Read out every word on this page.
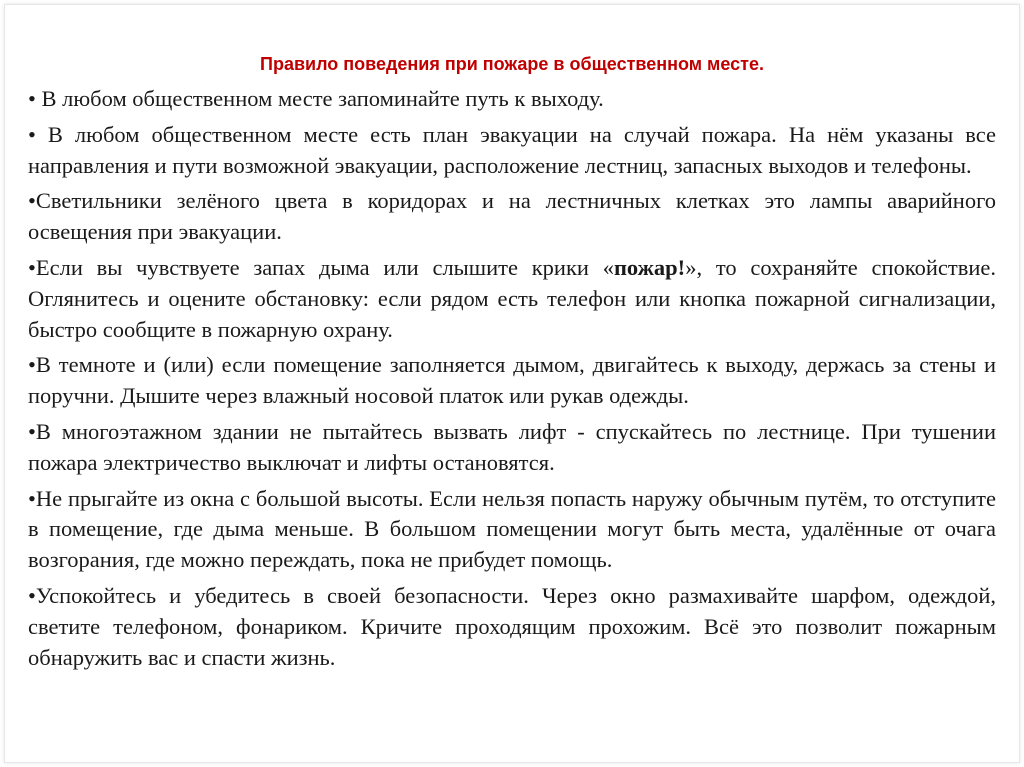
Правило поведения при пожаре в общественном месте.

• В любом общественном месте запоминайте путь к выходу.

• В любом общественном месте есть план эвакуации на случай пожара. На нём указаны все направления и пути возможной эвакуации, расположение лестниц, запасных выходов и телефоны.

•Светильники зелёного цвета в коридорах и на лестничных клетках это лампы аварийного освещения при эвакуации.

•Если вы чувствуете запах дыма или слышите крики «пожар!», то сохраняйте спокойствие. Оглянитесь и оцените обстановку: если рядом есть телефон или кнопка пожарной сигнализации, быстро сообщите в пожарную охрану.

•В темноте и (или) если помещение заполняется дымом, двигайтесь к выходу, держась за стены и поручни. Дышите через влажный носовой платок или рукав одежды.

•В многоэтажном здании не пытайтесь вызвать лифт - спускайтесь по лестнице. При тушении пожара электричество выключат и лифты остановятся.

•Не прыгайте из окна с большой высоты. Если нельзя попасть наружу обычным путём, то отступите в помещение, где дыма меньше. В большом помещении могут быть места, удалённые от очага возгорания, где можно переждать, пока не прибудет помощь.

•Успокойтесь и убедитесь в своей безопасности. Через окно размахивайте шарфом, одеждой, светите телефоном, фонариком. Кричите проходящим прохожим. Всё это позволит пожарным обнаружить вас и спасти жизнь.
